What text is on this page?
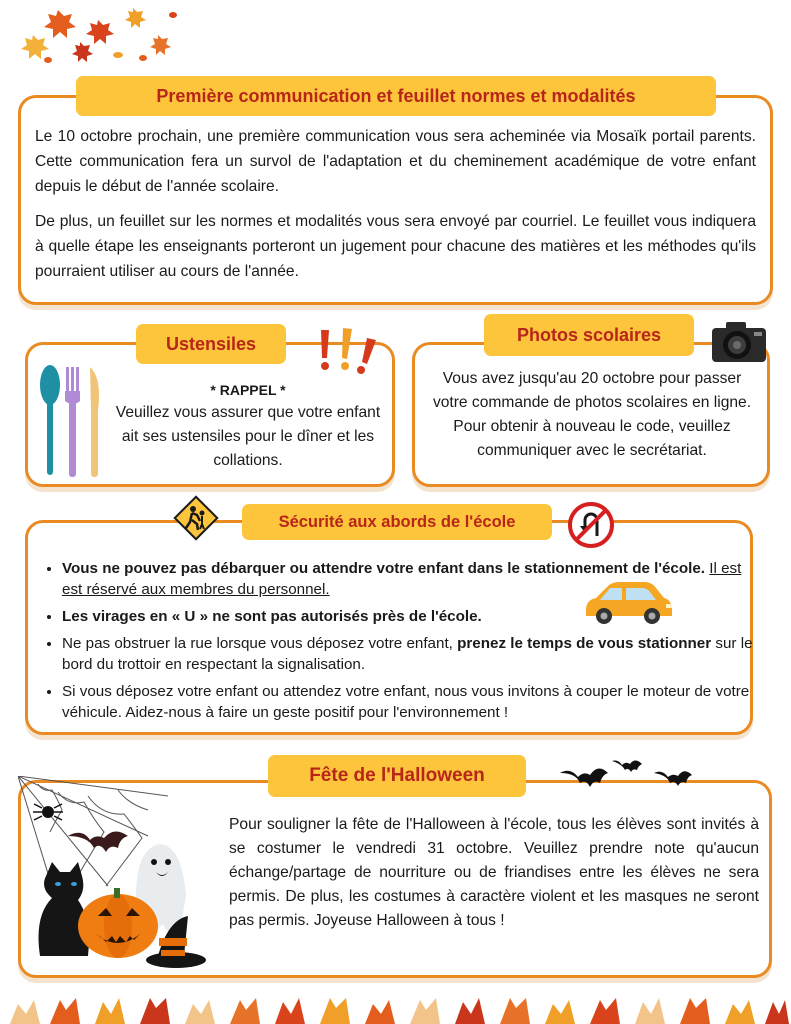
Le 10 octobre prochain, une première communication vous sera acheminée via Mosaïk portail parents. Cette communication fera un survol de l'adaptation et du cheminement académique de votre enfant depuis le début de l'année scolaire.

De plus, un feuillet sur les normes et modalités vous sera envoyé par courriel. Le feuillet vous indiquera à quelle étape les enseignants porteront un jugement pour chacune des matières et les méthodes qu'ils pourraient utiliser au cours de l'année.

Première communication et feuillet normes et modalités

* RAPPEL *

Veuillez vous assurer que votre enfant ait ses ustensiles pour le dîner et les collations.

Ustensiles

Vous avez jusqu'au 20 octobre pour passer votre commande de photos scolaires en ligne. Pour obtenir à nouveau le code, veuillez communiquer avec le secrétariat.

Photos scolaires
• Vous ne pouvez pas débarquer ou attendre votre enfant dans le stationnement de l'école. Il est est réservé aux membres du personnel.
• Les virages en « U » ne sont pas autorisés près de l'école.
• Ne pas obstruer la rue lorsque vous déposez votre enfant, prenez le temps de vous stationner sur le bord du trottoir en respectant la signalisation.
• Si vous déposez votre enfant ou attendez votre enfant, nous vous invitons à couper le moteur de votre véhicule. Aidez-nous à faire un geste positif pour l'environnement !
Sécurité aux abords de l'école

Pour souligner la fête de l'Halloween à l'école, tous les élèves sont invités à se costumer le vendredi 31 octobre. Veuillez prendre note qu'aucun échange/partage de nourriture ou de friandises entre les élèves ne sera permis. De plus, les costumes à caractère violent et les masques ne seront pas permis. Joyeuse Halloween à tous !

Fête de l'Halloween
